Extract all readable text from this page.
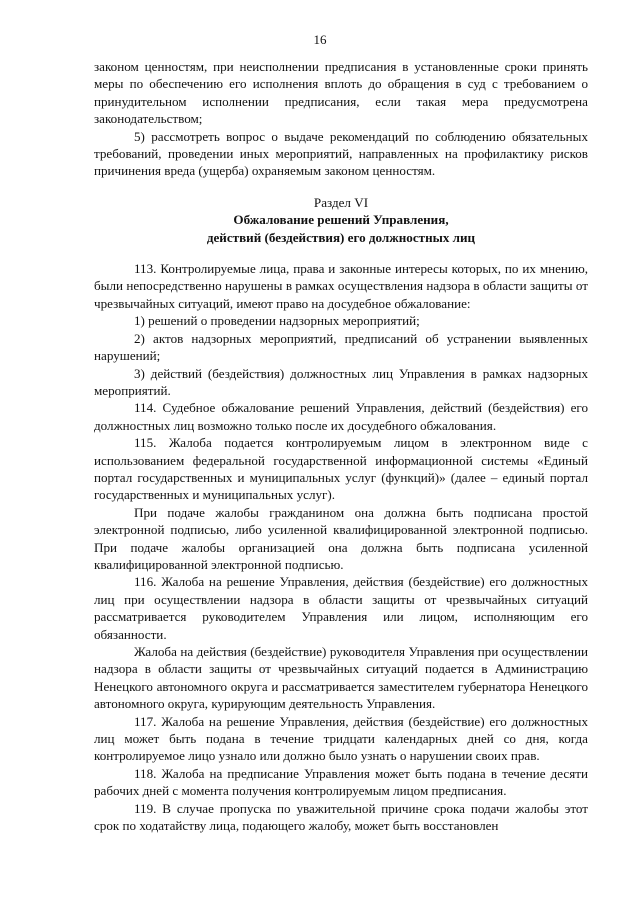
16

законом ценностям, при неисполнении предписания в установленные сроки принять меры по обеспечению его исполнения вплоть до обращения в суд с требованием о принудительном исполнении предписания, если такая мера предусмотрена законодательством;

5) рассмотреть вопрос о выдаче рекомендаций по соблюдению обязательных требований, проведении иных мероприятий, направленных на профилактику рисков причинения вреда (ущерба) охраняемым законом ценностям.

Раздел VI
Обжалование решений Управления,
действий (бездействия) его должностных лиц

113. Контролируемые лица, права и законные интересы которых, по их мнению, были непосредственно нарушены в рамках осуществления надзора в области защиты от чрезвычайных ситуаций, имеют право на досудебное обжалование:

1) решений о проведении надзорных мероприятий;

2) актов надзорных мероприятий, предписаний об устранении выявленных нарушений;

3) действий (бездействия) должностных лиц Управления в рамках надзорных мероприятий.

114. Судебное обжалование решений Управления, действий (бездействия) его должностных лиц возможно только после их досудебного обжалования.

115. Жалоба подается контролируемым лицом в электронном виде с использованием федеральной государственной информационной системы «Единый портал государственных и муниципальных услуг (функций)» (далее – единый портал государственных и муниципальных услуг).

При подаче жалобы гражданином она должна быть подписана простой электронной подписью, либо усиленной квалифицированной электронной подписью. При подаче жалобы организацией она должна быть подписана усиленной квалифицированной электронной подписью.

116. Жалоба на решение Управления, действия (бездействие) его должностных лиц при осуществлении надзора в области защиты от чрезвычайных ситуаций рассматривается руководителем Управления или лицом, исполняющим его обязанности.

Жалоба на действия (бездействие) руководителя Управления при осуществлении надзора в области защиты от чрезвычайных ситуаций подается в Администрацию Ненецкого автономного округа и рассматривается заместителем губернатора Ненецкого автономного округа, курирующим деятельность Управления.

117. Жалоба на решение Управления, действия (бездействие) его должностных лиц может быть подана в течение тридцати календарных дней со дня, когда контролируемое лицо узнало или должно было узнать о нарушении своих прав.

118. Жалоба на предписание Управления может быть подана в течение десяти рабочих дней с момента получения контролируемым лицом предписания.

119. В случае пропуска по уважительной причине срока подачи жалобы этот срок по ходатайству лица, подающего жалобу, может быть восстановлен
